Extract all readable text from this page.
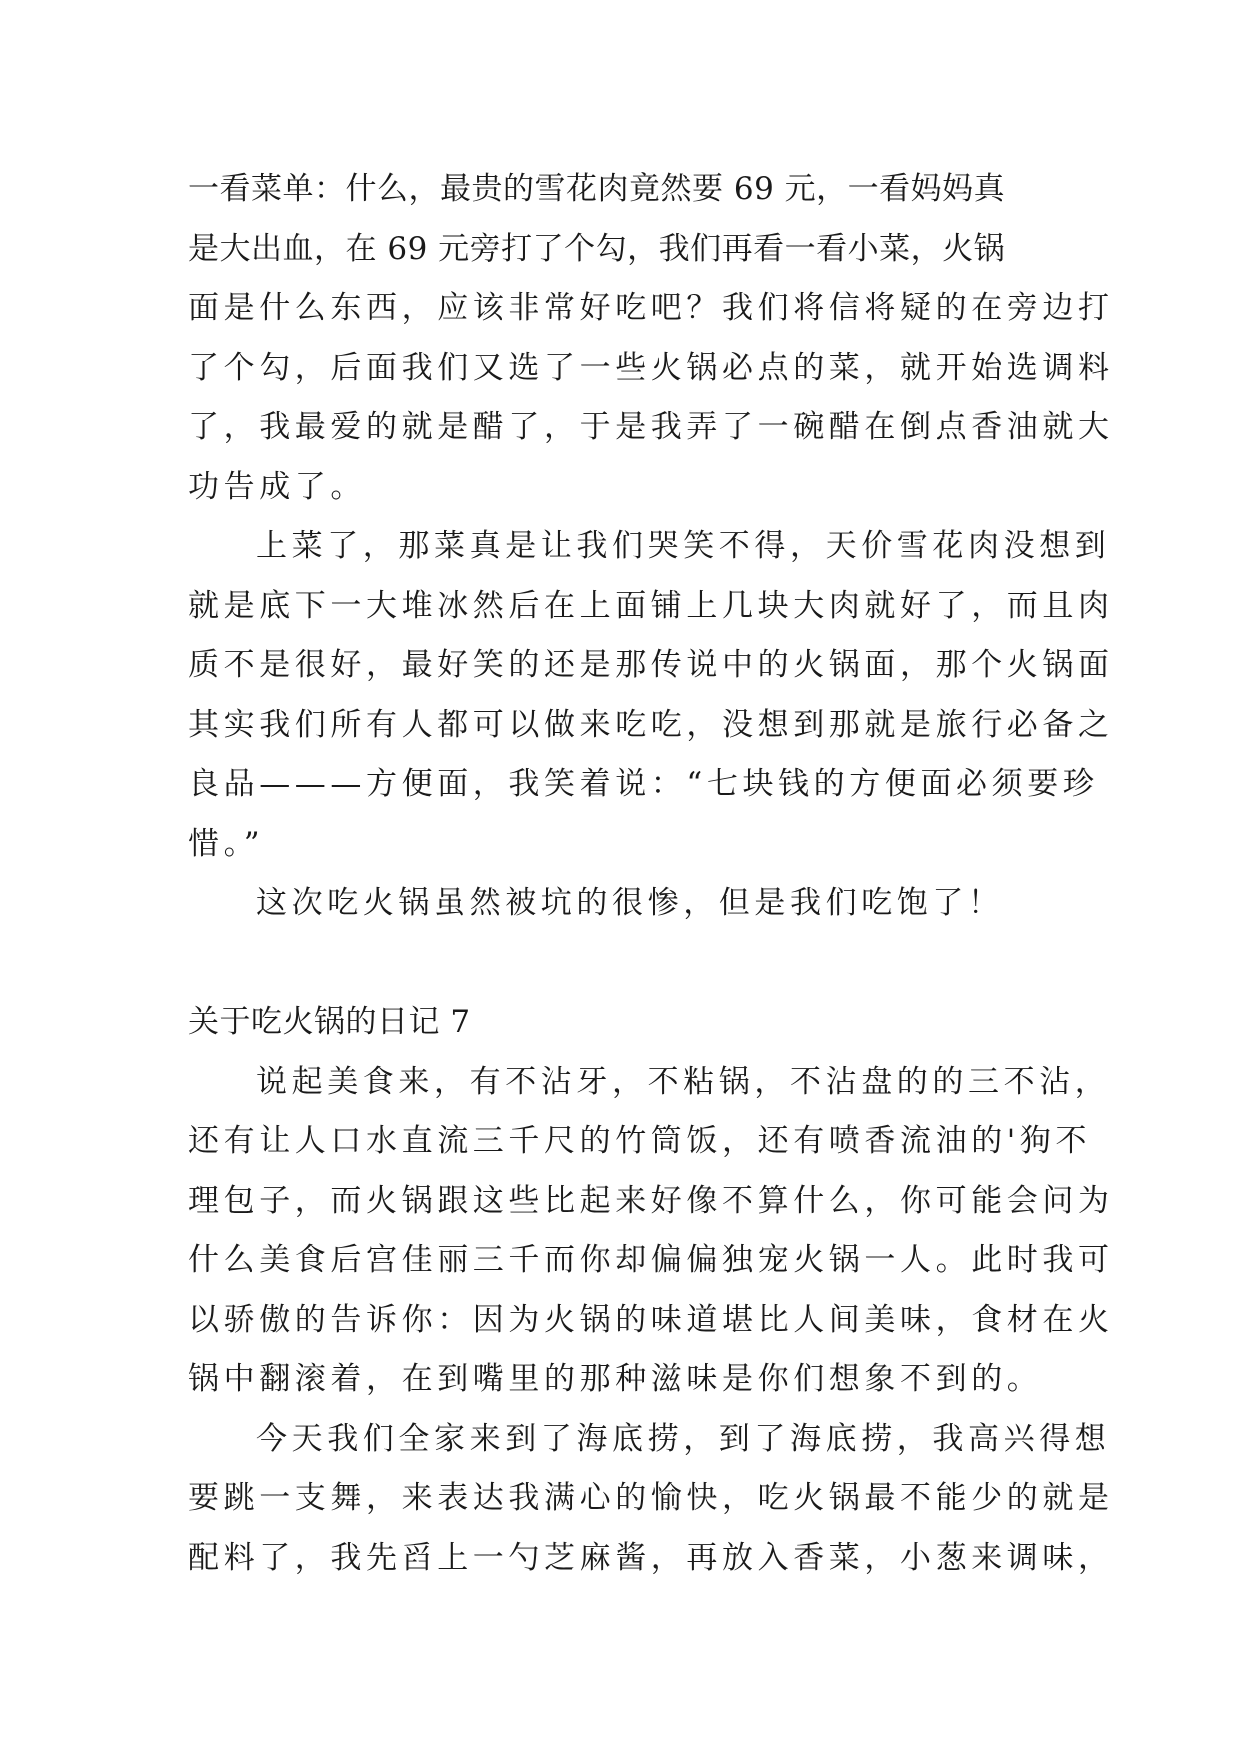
一看菜单：什么，最贵的雪花肉竟然要 69 元，一看妈妈真
是大出血，在 69 元旁打了个勾，我们再看一看小菜，火锅
面是什么东西，应该非常好吃吧？我们将信将疑的在旁边打
了个勾，后面我们又选了一些火锅必点的菜，就开始选调料
了，我最爱的就是醋了，于是我弄了一碗醋在倒点香油就大
功告成了。
上菜了，那菜真是让我们哭笑不得，天价雪花肉没想到
就是底下一大堆冰然后在上面铺上几块大肉就好了，而且肉
质不是很好，最好笑的还是那传说中的火锅面，那个火锅面
其实我们所有人都可以做来吃吃，没想到那就是旅行必备之
良品———方便面，我笑着说：“七块钱的方便面必须要珍
惜。”
这次吃火锅虽然被坑的很惨，但是我们吃饱了！
关于吃火锅的日记 7
说起美食来，有不沾牙，不粘锅，不沾盘的的三不沾，
还有让人口水直流三千尺的竹筒饭，还有喷香流油的'狗不
理包子，而火锅跟这些比起来好像不算什么，你可能会问为
什么美食后宫佳丽三千而你却偏偏独宠火锅一人。此时我可
以骄傲的告诉你：因为火锅的味道堪比人间美味，食材在火
锅中翻滚着，在到嘴里的那种滋味是你们想象不到的。
今天我们全家来到了海底捞，到了海底捞，我高兴得想
要跳一支舞，来表达我满心的愉快，吃火锅最不能少的就是
配料了，我先舀上一勺芝麻酱，再放入香菜，小葱来调味，
